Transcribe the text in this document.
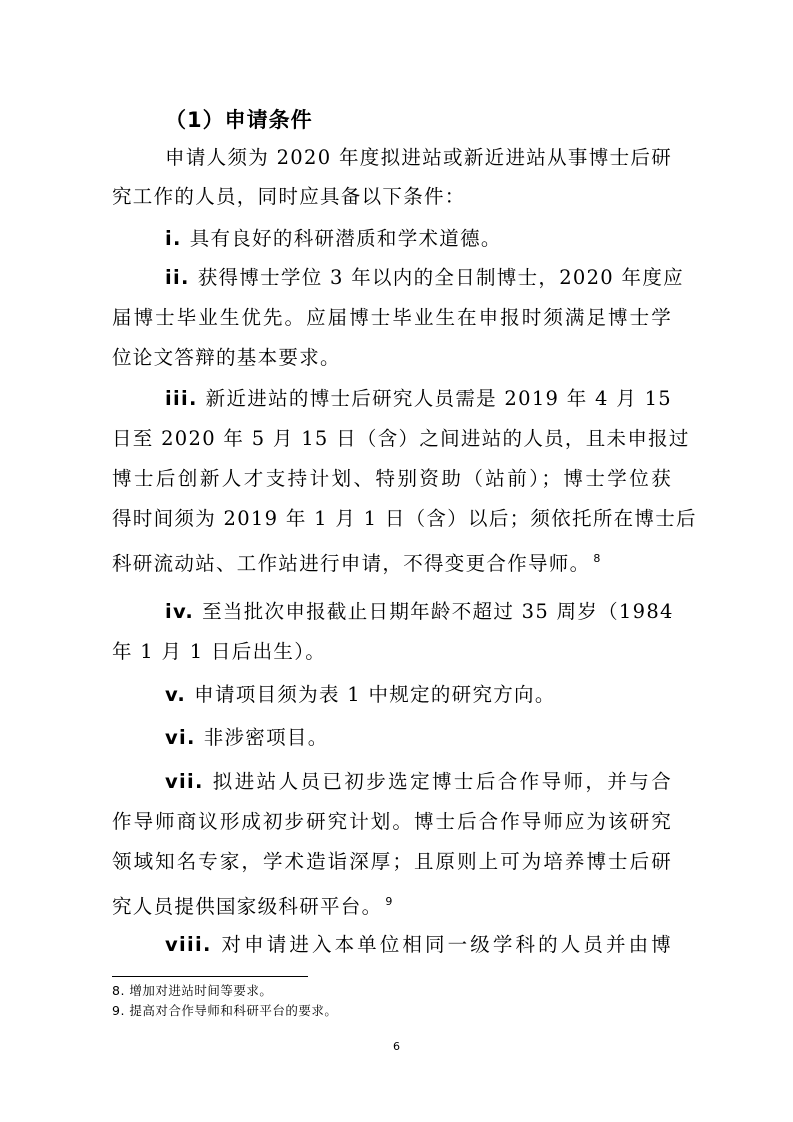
（1）申请条件
申请人须为 2020 年度拟进站或新近进站从事博士后研
究工作的人员，同时应具备以下条件：
i. 具有良好的科研潜质和学术道德。
ii. 获得博士学位 3 年以内的全日制博士，2020 年度应
届博士毕业生优先。应届博士毕业生在申报时须满足博士学
位论文答辩的基本要求。
iii. 新近进站的博士后研究人员需是 2019 年 4 月 15
日至 2020 年 5 月 15 日（含）之间进站的人员，且未申报过
博士后创新人才支持计划、特别资助（站前）；博士学位获
得时间须为 2019 年 1 月 1 日（含）以后；须依托所在博士后
科研流动站、工作站进行申请，不得变更合作导师。 $^8$
iv. 至当批次申报截止日期年龄不超过 35 周岁（1984
年 1 月 1 日后出生）。
v. 申请项目须为表 1 中规定的研究方向。
vi. 非涉密项目。
vii. 拟进站人员已初步选定博士后合作导师，并与合
作导师商议形成初步研究计划。博士后合作导师应为该研究
领域知名专家，学术造诣深厚；且原则上可为培养博士后研
究人员提供国家级科研平台。 $^9$
viii. 对申请进入本单位相同一级学科的人员并由博
8. 增加对进站时间等要求。
9. 提高对合作导师和科研平台的要求。
6
